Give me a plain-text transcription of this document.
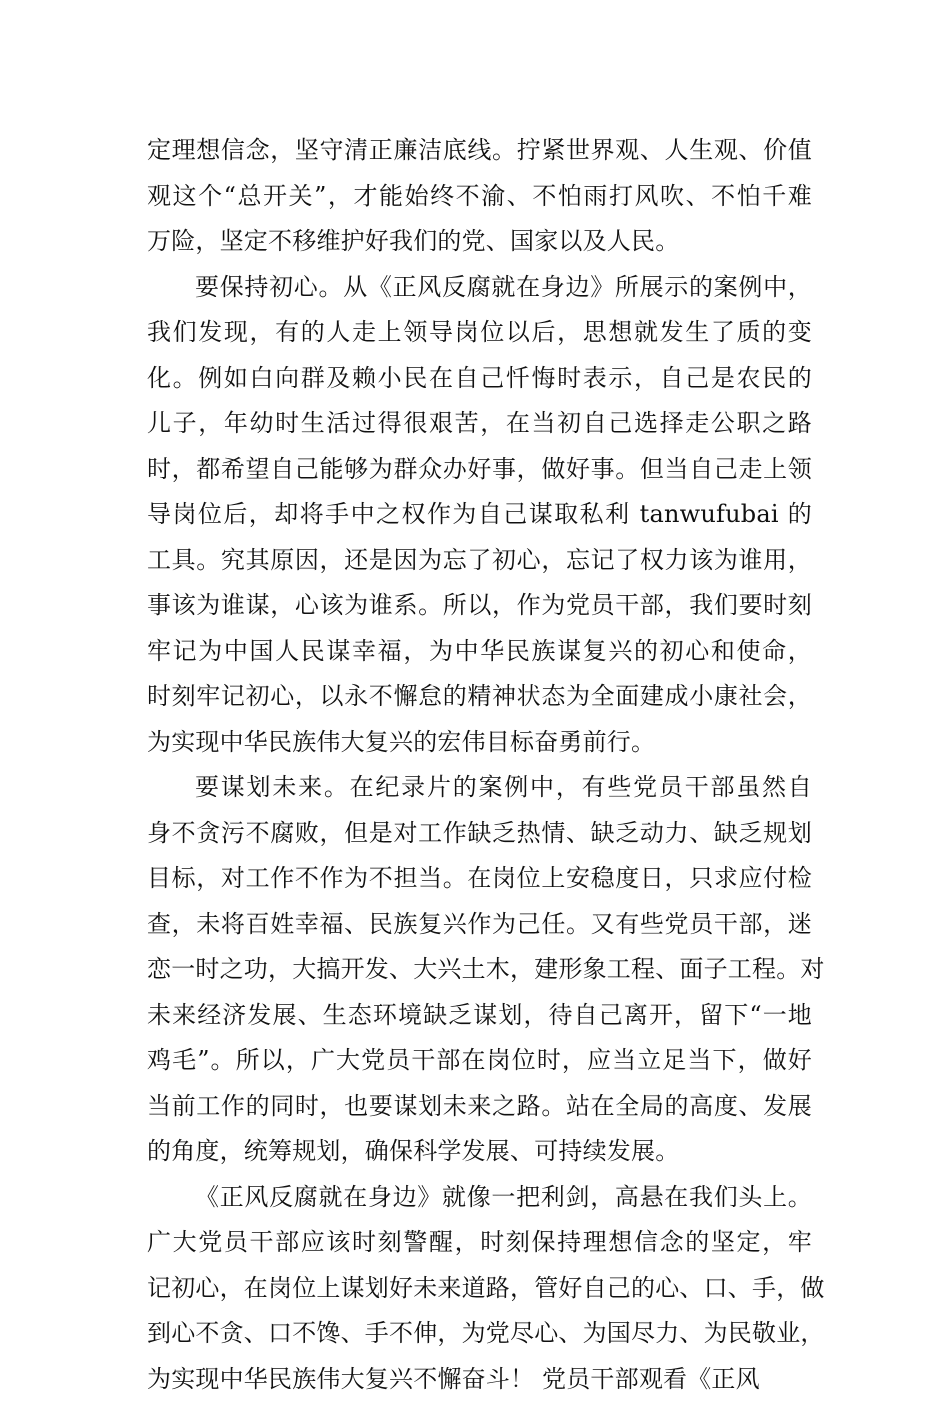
定理想信念，坚守清正廉洁底线。拧紧世界观、人生观、价值
观这个“总开关”，才能始终不渝、不怕雨打风吹、不怕千难
万险，坚定不移维护好我们的党、国家以及人民。
要保持初心。从《正风反腐就在身边》所展示的案例中，
我们发现，有的人走上领导岗位以后，思想就发生了质的变
化。例如白向群及赖小民在自己忏悔时表示，自己是农民的
儿子，年幼时生活过得很艰苦，在当初自己选择走公职之路
时，都希望自己能够为群众办好事，做好事。但当自己走上领
导岗位后，却将手中之权作为自己谋取私利 tanwufubai 的
工具。究其原因，还是因为忘了初心，忘记了权力该为谁用，
事该为谁谋，心该为谁系。所以，作为党员干部，我们要时刻
牢记为中国人民谋幸福，为中华民族谋复兴的初心和使命，
时刻牢记初心，以永不懈怠的精神状态为全面建成小康社会，
为实现中华民族伟大复兴的宏伟目标奋勇前行。
要谋划未来。在纪录片的案例中，有些党员干部虽然自
身不贪污不腐败，但是对工作缺乏热情、缺乏动力、缺乏规划
目标，对工作不作为不担当。在岗位上安稳度日，只求应付检
查，未将百姓幸福、民族复兴作为己任。又有些党员干部，迷
恋一时之功，大搞开发、大兴土木，建形象工程、面子工程。对
未来经济发展、生态环境缺乏谋划，待自己离开，留下“一地
鸡毛”。所以，广大党员干部在岗位时，应当立足当下，做好
当前工作的同时，也要谋划未来之路。站在全局的高度、发展
的角度，统筹规划，确保科学发展、可持续发展。
《正风反腐就在身边》就像一把利剑，高悬在我们头上。
广大党员干部应该时刻警醒，时刻保持理想信念的坚定，牢
记初心，在岗位上谋划好未来道路，管好自己的心、口、手，做
到心不贪、口不馋、手不伸，为党尽心、为国尽力、为民敬业，
为实现中华民族伟大复兴不懈奋斗！ 党员干部观看《正风
